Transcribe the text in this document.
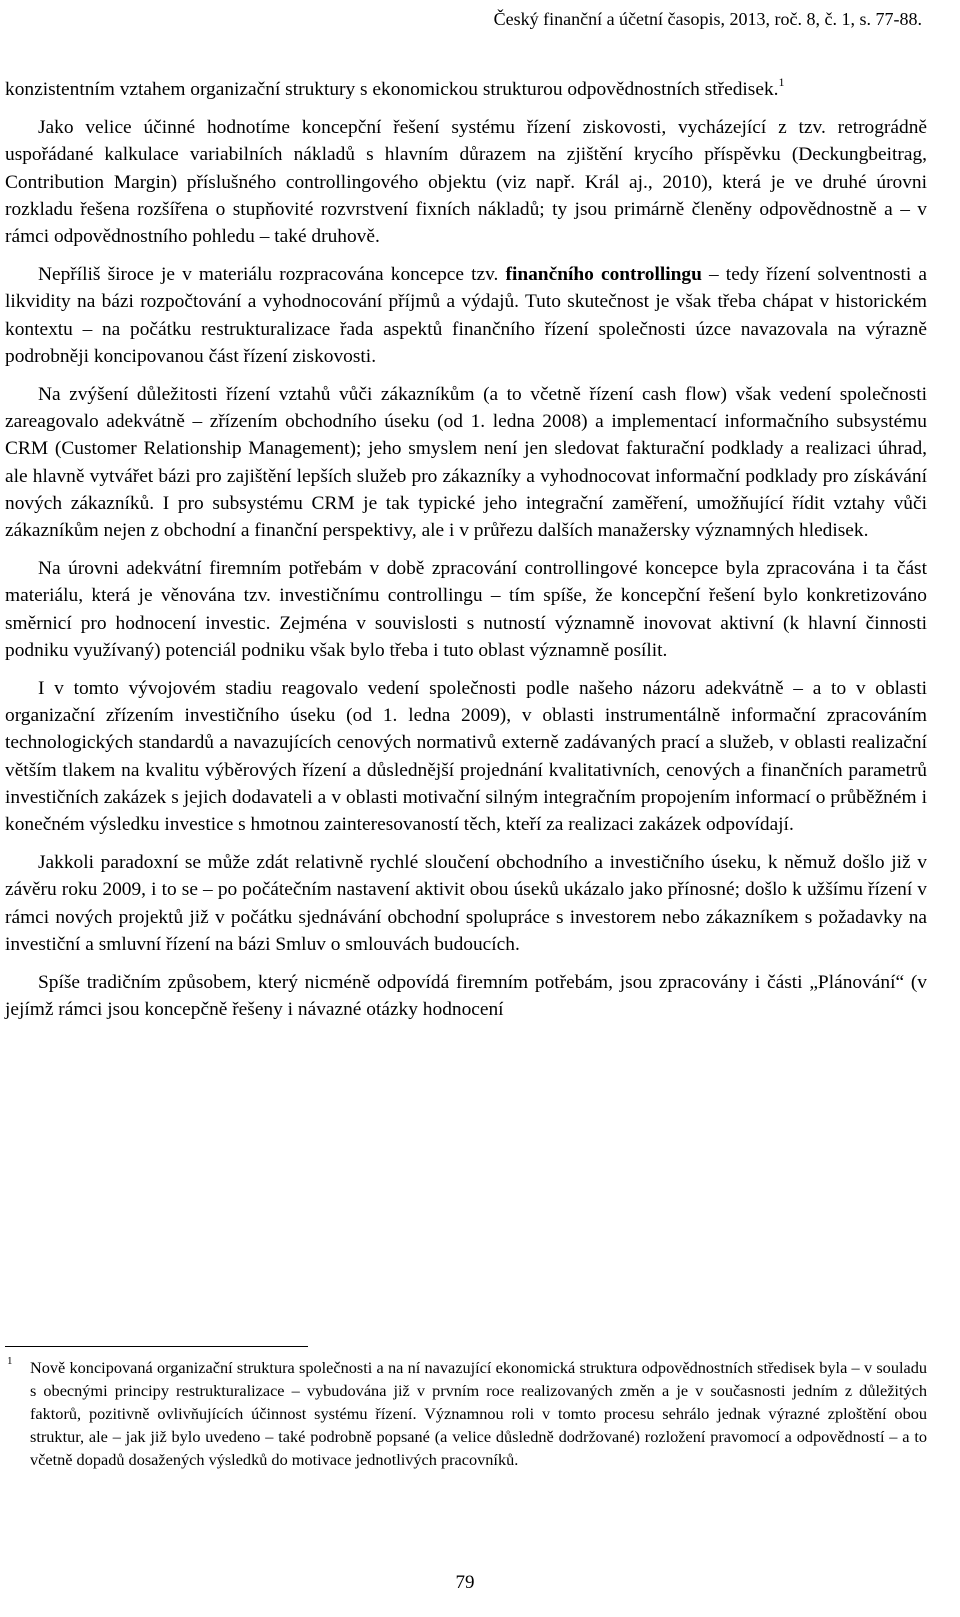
Český finanční a účetní časopis, 2013, roč. 8, č. 1, s. 77-88.

konzistentním vztahem organizační struktury s ekonomickou strukturou odpovědnostních středisek.$^1$

Jako velice účinné hodnotíme koncepční řešení systému řízení ziskovosti, vycházející z tzv. retrográdně uspořádané kalkulace variabilních nákladů s hlavním důrazem na zjištění krycího příspěvku (Deckungbeitrag, Contribution Margin) příslušného controllingového objektu (viz např. Král aj., 2010), která je ve druhé úrovni rozkladu řešena rozšířena o stupňovité rozvrstvení fixních nákladů; ty jsou primárně členěny odpovědnostně a – v rámci odpovědnostního pohledu – také druhově.

Nepříliš široce je v materiálu rozpracována koncepce tzv. finančního controllingu – tedy řízení solventnosti a likvidity na bázi rozpočtování a vyhodnocování příjmů a výdajů. Tuto skutečnost je však třeba chápat v historickém kontextu – na počátku restrukturalizace řada aspektů finančního řízení společnosti úzce navazovala na výrazně podrobněji koncipovanou část řízení ziskovosti.

Na zvýšení důležitosti řízení vztahů vůči zákazníkům (a to včetně řízení cash flow) však vedení společnosti zareagovalo adekvátně – zřízením obchodního úseku (od 1. ledna 2008) a implementací informačního subsystému CRM (Customer Relationship Management); jeho smyslem není jen sledovat fakturační podklady a realizaci úhrad, ale hlavně vytvářet bázi pro zajištění lepších služeb pro zákazníky a vyhodnocovat informační podklady pro získávání nových zákazníků. I pro subsystému CRM je tak typické jeho integrační zaměření, umožňující řídit vztahy vůči zákazníkům nejen z obchodní a finanční perspektivy, ale i v průřezu dalších manažersky významných hledisek.

Na úrovni adekvátní firemním potřebám v době zpracování controllingové koncepce byla zpracována i ta část materiálu, která je věnována tzv. investičnímu controllingu – tím spíše, že koncepční řešení bylo konkretizováno směrnicí pro hodnocení investic. Zejména v souvislosti s nutností významně inovovat aktivní (k hlavní činnosti podniku využívaný) potenciál podniku však bylo třeba i tuto oblast významně posílit.

I v tomto vývojovém stadiu reagovalo vedení společnosti podle našeho názoru adekvátně – a to v oblasti organizační zřízením investičního úseku (od 1. ledna 2009), v oblasti instrumentálně informační zpracováním technologických standardů a navazujících cenových normativů externě zadávaných prací a služeb, v oblasti realizační větším tlakem na kvalitu výběrových řízení a důslednější projednání kvalitativních, cenových a finančních parametrů investičních zakázek s jejich dodavateli a v oblasti motivační silným integračním propojením informací o průběžném i konečném výsledku investice s hmotnou zainteresovaností těch, kteří za realizaci zakázek odpovídají.

Jakkoli paradoxní se může zdát relativně rychlé sloučení obchodního a investičního úseku, k němuž došlo již v závěru roku 2009, i to se – po počátečním nastavení aktivit obou úseků ukázalo jako přínosné; došlo k užšímu řízení v rámci nových projektů již v počátku sjednávání obchodní spolupráce s investorem nebo zákazníkem s požadavky na investiční a smluvní řízení na bázi Smluv o smlouvách budoucích.

Spíše tradičním způsobem, který nicméně odpovídá firemním potřebám, jsou zpracovány i části „Plánování“ (v jejímž rámci jsou koncepčně řešeny i návazné otázky hodnocení

1 Nově koncipovaná organizační struktura společnosti a na ní navazující ekonomická struktura odpovědnostních středisek byla – v souladu s obecnými principy restrukturalizace – vybudována již v prvním roce realizovaných změn a je v současnosti jedním z důležitých faktorů, pozitivně ovlivňujících účinnost systému řízení. Významnou roli v tomto procesu sehrálo jednak výrazné zploštění obou struktur, ale – jak již bylo uvedeno – také podrobně popsané (a velice důsledně dodržované) rozložení pravomocí a odpovědností – a to včetně dopadů dosažených výsledků do motivace jednotlivých pracovníků.
79
